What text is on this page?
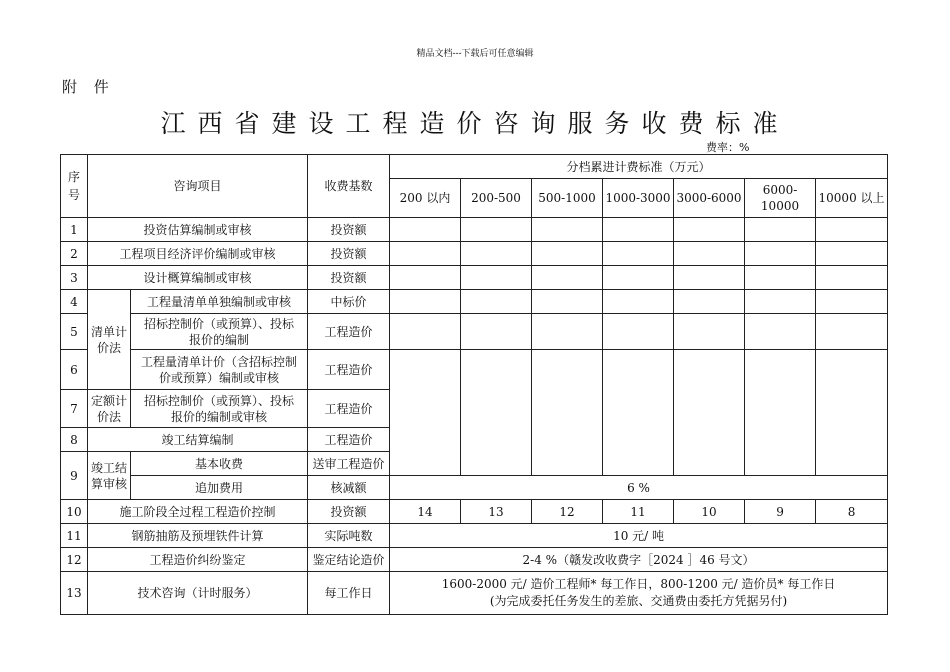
精品文档---下载后可任意编辑
附 件
江西省建设工程造价咨询服务收费标准
费率：%
序号	咨询项目		收费基数	分档累进计费标准（万元）						
				200 以内	200-500	500-1000	1000-3000	3000-6000	6000-10000	10000 以上
1	投资估算编制或审核		投资额							
2	工程项目经济评价编制或审核		投资额							
3	设计概算编制或审核		投资额							
4	清单计价法	工程量清单单独编制或审核	中标价							
5		招标控制价（或预算）、投标报价的编制	工程造价							
6		工程量清单计价（含招标控制价或预算）编制或审核	工程造价							
7	定额计价法	招标控制价（或预算）、投标报价的编制或审核	工程造价							
8	竣工结算编制		工程造价							
9	竣工结算审核	基本收费	送审工程造价							
		追加费用	核减额	6 %						
10	施工阶段全过程工程造价控制		投资额	14	13	12	11	10	9	8
11	钢筋抽筋及预埋铁件计算		实际吨数	10 元/ 吨						
12	工程造价纠纷鉴定		鉴定结论造价	2-4 %（赣发改收费字［2024 ］46 号文）						
13	技术咨询（计时服务）		每工作日	1600-2000 元/ 造价工程师* 每工作日，800-1200 元/ 造价员* 每工作日
(为完成委托任务发生的差旅、交通费由委托方凭据另付)						
